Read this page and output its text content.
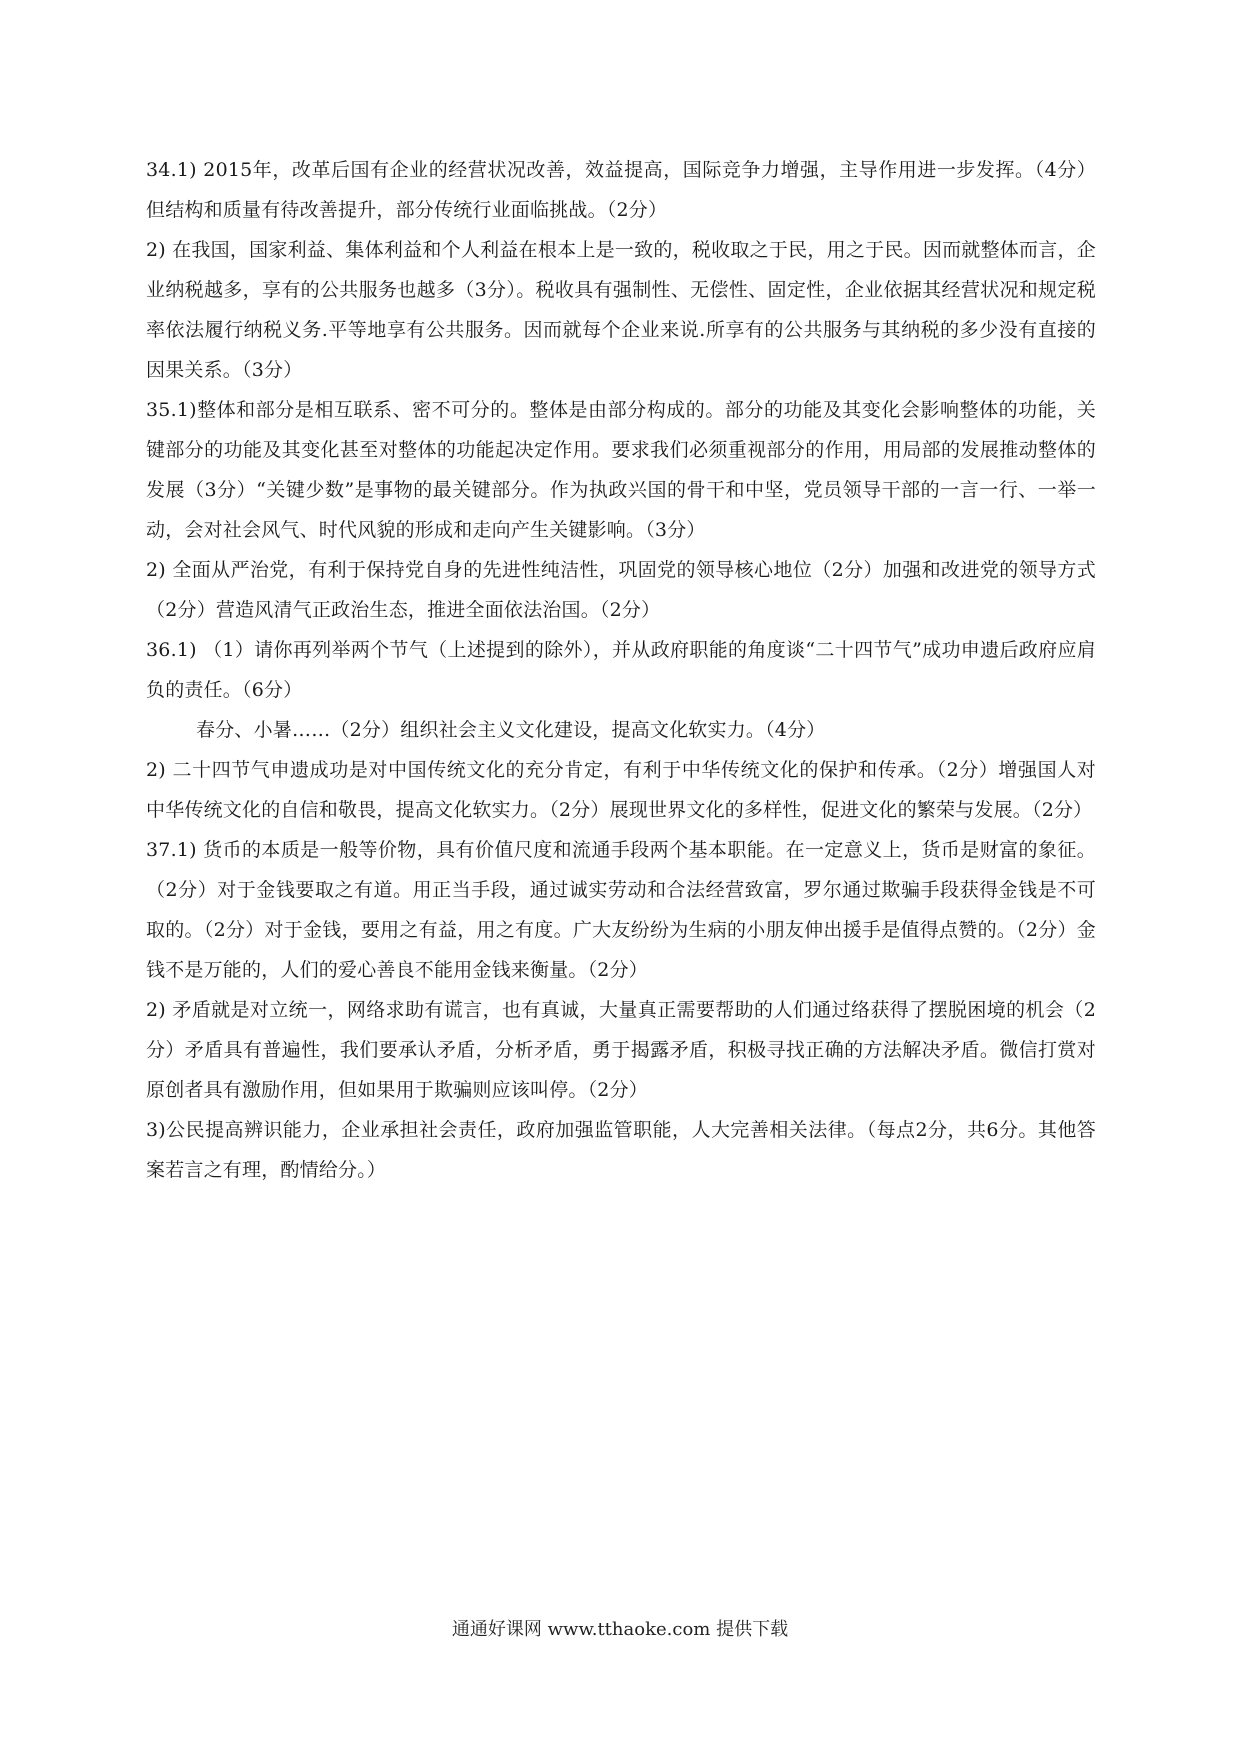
34.1) 2015年，改革后国有企业的经营状况改善，效益提高，国际竞争力增强，主导作用进一步发挥。（4分）但结构和质量有待改善提升，部分传统行业面临挑战。（2分）

2) 在我国，国家利益、集体利益和个人利益在根本上是一致的，税收取之于民，用之于民。因而就整体而言，企业纳税越多，享有的公共服务也越多（3分）。税收具有强制性、无偿性、固定性，企业依据其经营状况和规定税率依法履行纳税义务.平等地享有公共服务。因而就每个企业来说.所享有的公共服务与其纳税的多少没有直接的因果关系。（3分）

35.1)整体和部分是相互联系、密不可分的。整体是由部分构成的。部分的功能及其变化会影响整体的功能，关键部分的功能及其变化甚至对整体的功能起决定作用。要求我们必须重视部分的作用，用局部的发展推动整体的发展（3分）“关键少数”是事物的最关键部分。作为执政兴国的骨干和中坚，党员领导干部的一言一行、一举一动，会对社会风气、时代风貌的形成和走向产生关键影响。（3分）

2) 全面从严治党，有利于保持党自身的先进性纯洁性，巩固党的领导核心地位（2分）加强和改进党的领导方式（2分）营造风清气正政治生态，推进全面依法治国。（2分）

36.1) （1）请你再列举两个节气（上述提到的除外），并从政府职能的角度谈“二十四节气”成功申遗后政府应肩负的责任。（6分）

春分、小暑……（2分）组织社会主义文化建设，提高文化软实力。（4分）

2) 二十四节气申遗成功是对中国传统文化的充分肯定，有利于中华传统文化的保护和传承。（2分）增强国人对中华传统文化的自信和敬畏，提高文化软实力。（2分）展现世界文化的多样性，促进文化的繁荣与发展。（2分）

37.1) 货币的本质是一般等价物，具有价值尺度和流通手段两个基本职能。在一定意义上，货币是财富的象征。（2分）对于金钱要取之有道。用正当手段，通过诚实劳动和合法经营致富，罗尔通过欺骗手段获得金钱是不可取的。（2分）对于金钱，要用之有益，用之有度。广大友纷纷为生病的小朋友伸出援手是值得点赞的。（2分）金钱不是万能的，人们的爱心善良不能用金钱来衡量。（2分）

2) 矛盾就是对立统一，网络求助有谎言，也有真诚，大量真正需要帮助的人们通过络获得了摆脱困境的机会（2分）矛盾具有普遍性，我们要承认矛盾，分析矛盾，勇于揭露矛盾，积极寻找正确的方法解决矛盾。微信打赏对原创者具有激励作用，但如果用于欺骗则应该叫停。（2分）

3)公民提高辨识能力，企业承担社会责任，政府加强监管职能，人大完善相关法律。（每点2分，共6分。其他答案若言之有理，酌情给分。）

通通好课网 www.tthaoke.com 提供下载
